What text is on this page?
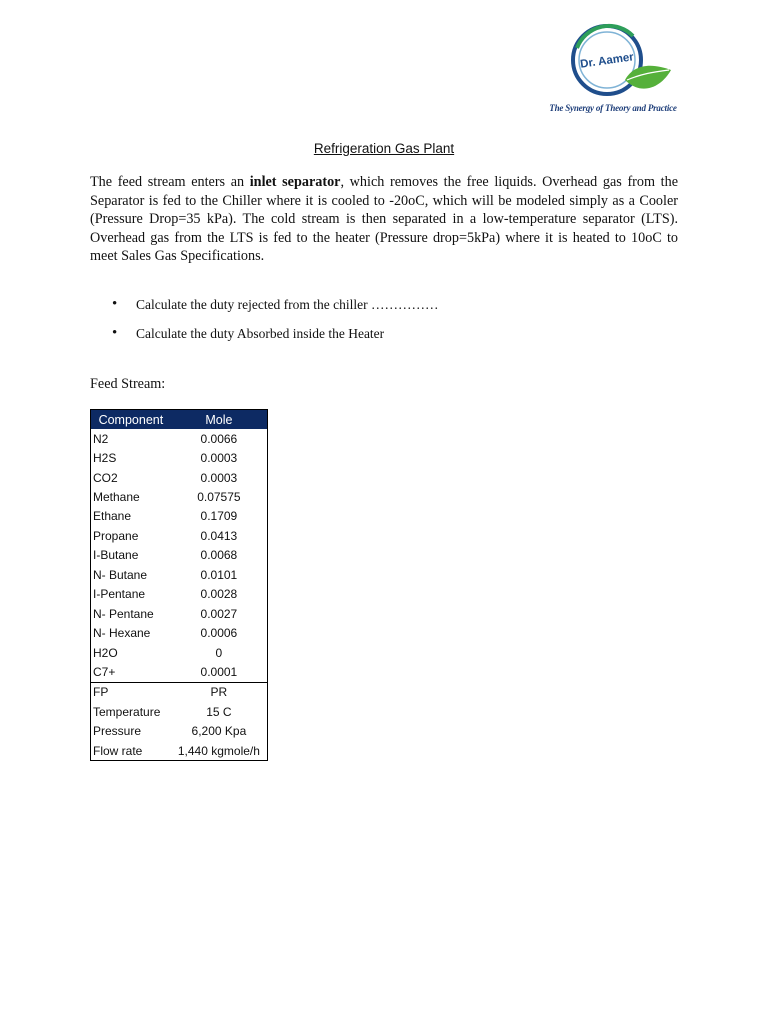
Dr. Aamer
The Synergy of Theory and Practice
Refrigeration Gas Plant

The feed stream enters an inlet separator, which removes the free liquids. Overhead gas from the Separator is fed to the Chiller where it is cooled to -20oC, which will be modeled simply as a Cooler (Pressure Drop=35 kPa). The cold stream is then separated in a low-temperature separator (LTS). Overhead gas from the LTS is fed to the heater (Pressure drop=5kPa) where it is heated to 10oC to meet Sales Gas Specifications.

• Calculate the duty rejected from the chiller ……………
• Calculate the duty Absorbed inside the Heater
Feed Stream:
Component	Mole
N2	0.0066
H2S	0.0003
CO2	0.0003
Methane	0.07575
Ethane	0.1709
Propane	0.0413
I-Butane	0.0068
N- Butane	0.0101
I-Pentane	0.0028
N- Pentane	0.0027
N- Hexane	0.0006
H2O	0
C7+	0.0001
FP	PR
Temperature	15 C
Pressure	6,200 Kpa
Flow rate	1,440 kgmole/h
